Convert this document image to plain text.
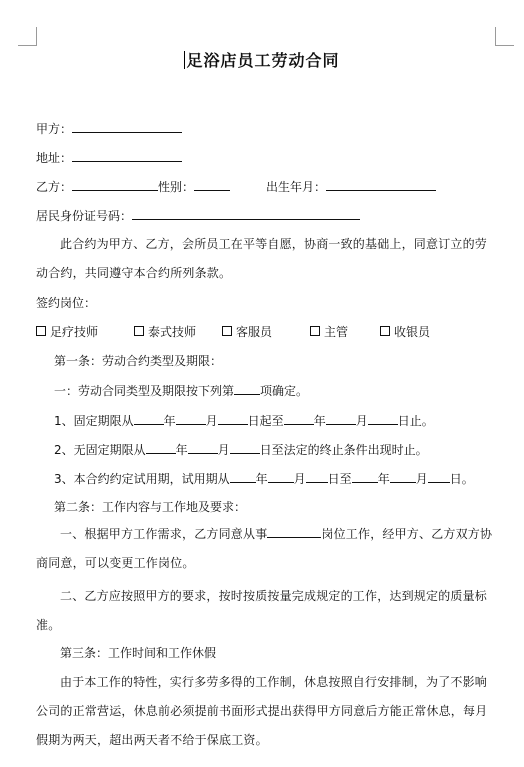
足浴店员工劳动合同
甲方：
地址：
乙方：	性别：	出生年月：
居民身份证号码：
此合约为甲方、乙方，会所员工在平等自愿，协商一致的基础上，同意订立的劳动合约，共同遵守本合约所列条款。
签约岗位：
足疗技师	泰式技师	客服员	主管	收银员
第一条：劳动合约类型及期限：
一：劳动合同类型及期限按下列第 项确定。
1、固定期限从	年	月	日起至	年	月	日止。
2、无固定期限从	年	月	日至法定的终止条件出现时止。
3、本合约约定试用期，试用期从 年 月 日至 年 月 日。
第二条：工作内容与工作地及要求：
一、根据甲方工作需求，乙方同意从事	岗位工作，经甲方、乙方双方协商同意，可以变更工作岗位。
二、乙方应按照甲方的要求，按时按质按量完成规定的工作，达到规定的质量标准。
第三条：工作时间和工作休假
由于本工作的特性，实行多劳多得的工作制，休息按照自行安排制，为了不影响公司的正常营运，休息前必须提前书面形式提出获得甲方同意后方能正常休息，每月假期为两天，超出两天者不给于保底工资。
